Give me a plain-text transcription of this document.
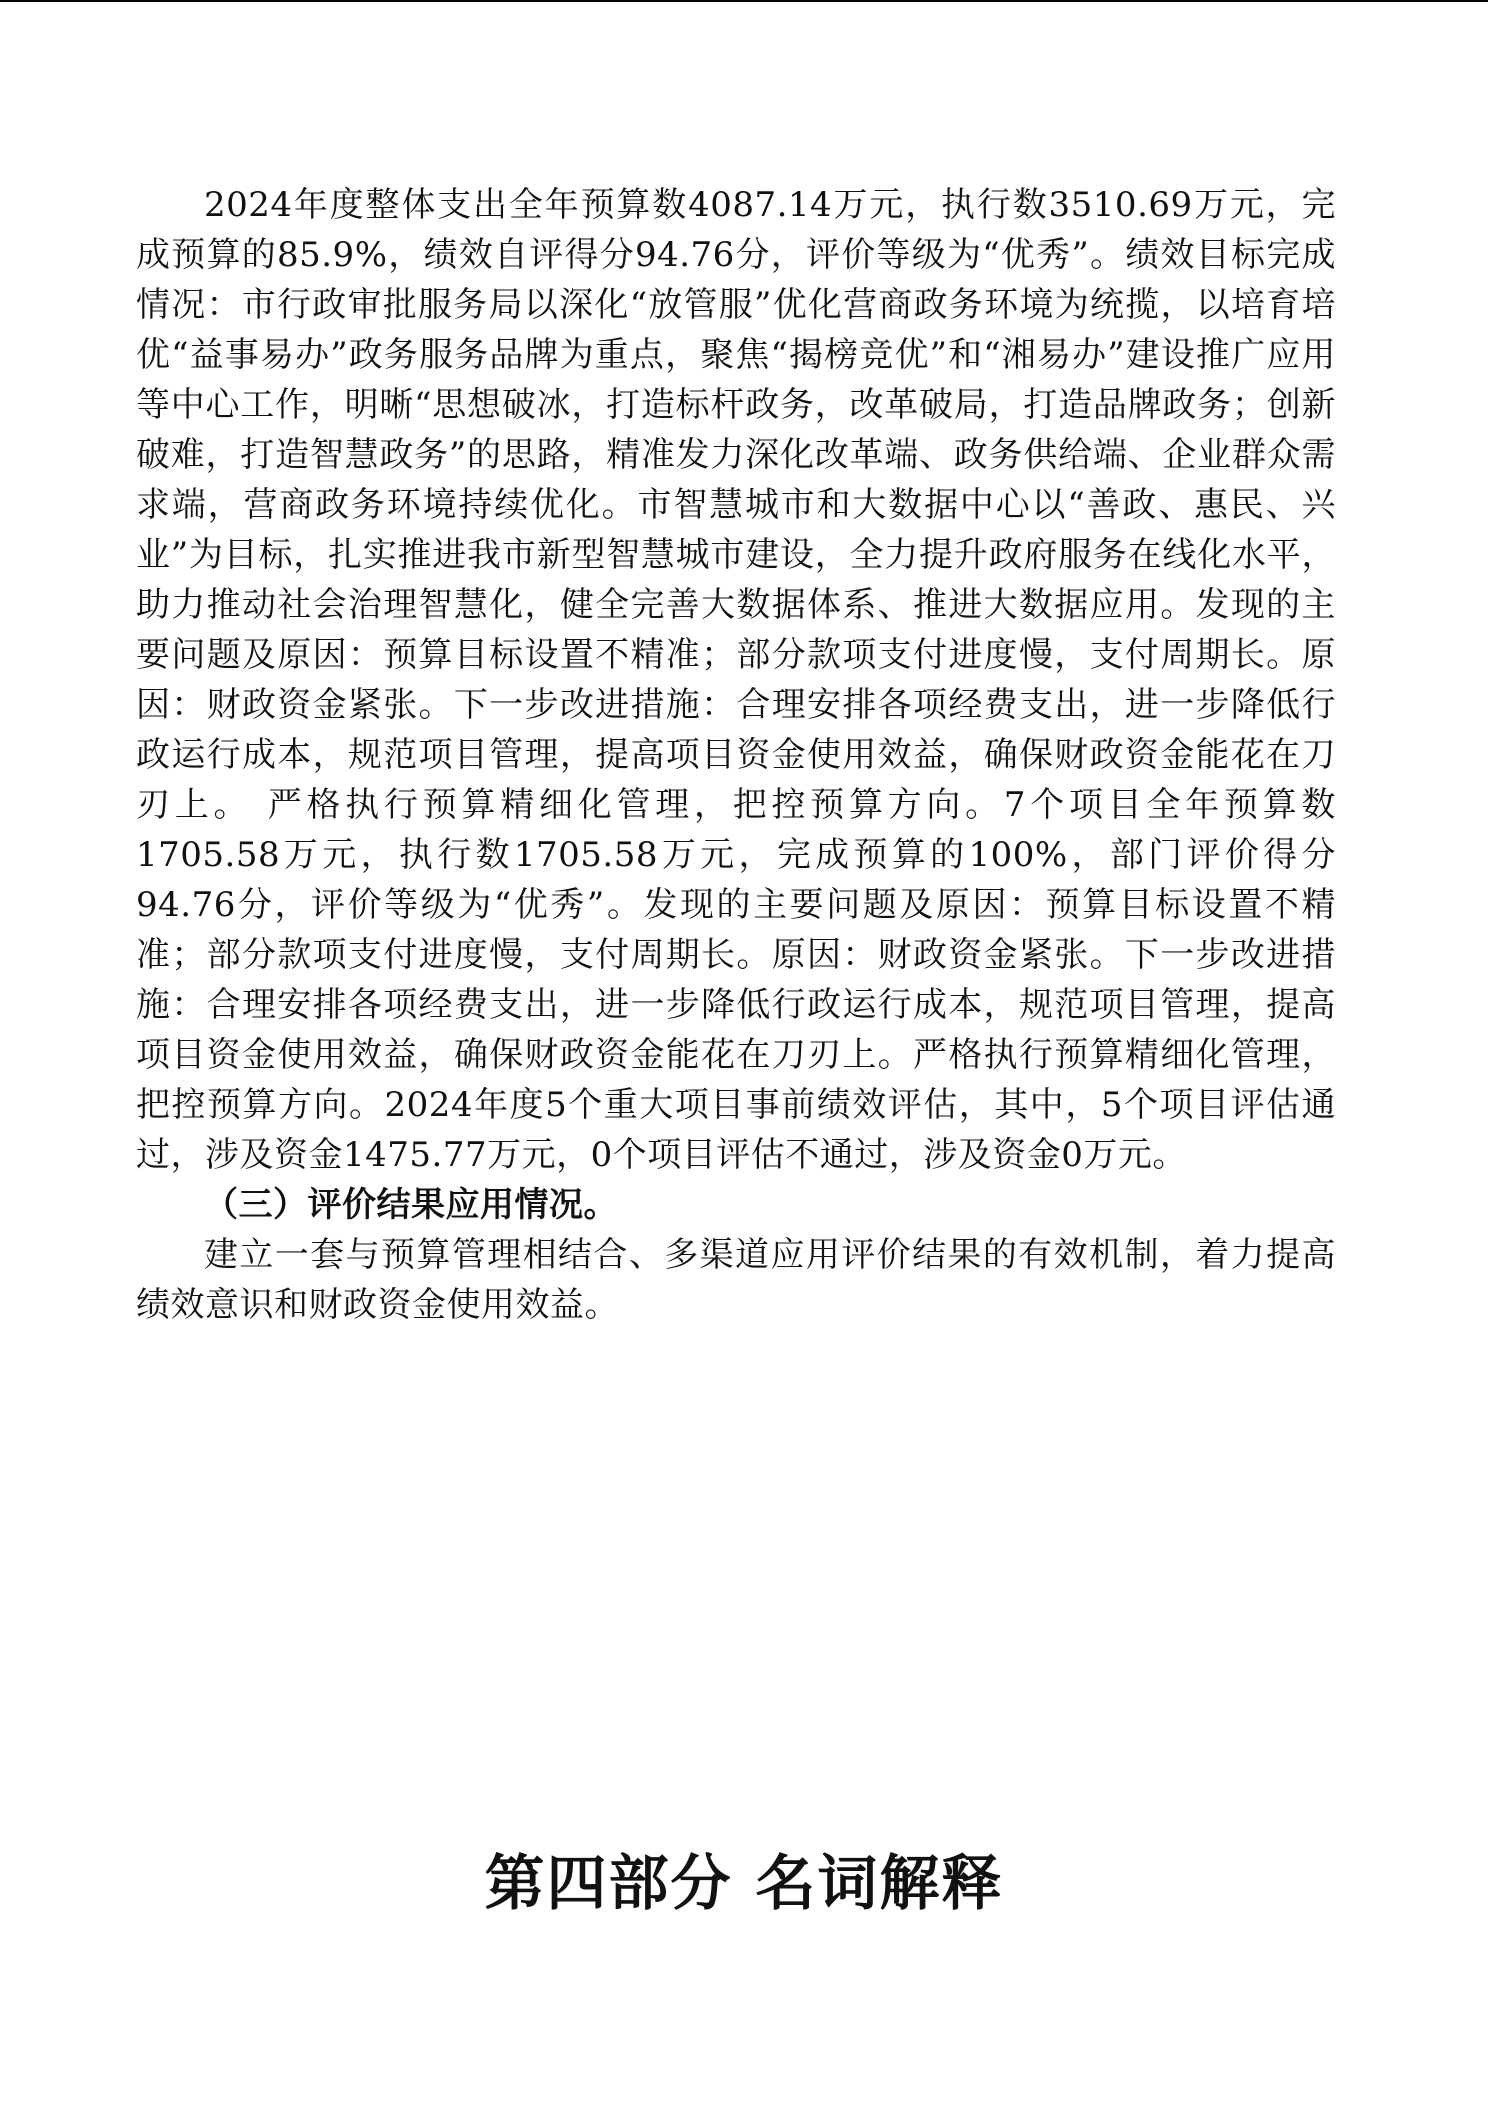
2024年度整体支出全年预算数4087.14万元，执行数3510.69万元，完成预算的85.9%，绩效自评得分94.76分，评价等级为“优秀”。绩效目标完成情况：市行政审批服务局以深化“放管服”优化营商政务环境为统揽，以培育培优“益事易办”政务服务品牌为重点，聚焦“揭榜竞优”和“湘易办”建设推广应用等中心工作，明晰“思想破冰，打造标杆政务，改革破局，打造品牌政务；创新破难，打造智慧政务”的思路，精准发力深化改革端、政务供给端、企业群众需求端，营商政务环境持续优化。市智慧城市和大数据中心以“善政、惠民、兴业”为目标，扎实推进我市新型智慧城市建设，全力提升政府服务在线化水平，助力推动社会治理智慧化，健全完善大数据体系、推进大数据应用。发现的主要问题及原因：预算目标设置不精准；部分款项支付进度慢，支付周期长。原因：财政资金紧张。下一步改进措施：合理安排各项经费支出，进一步降低行政运行成本，规范项目管理，提高项目资金使用效益，确保财政资金能花在刀刃上。 严格执行预算精细化管理，把控预算方向。7个项目全年预算数1705.58万元，执行数1705.58万元，完成预算的100%，部门评价得分94.76分，评价等级为“优秀”。发现的主要问题及原因：预算目标设置不精准；部分款项支付进度慢，支付周期长。原因：财政资金紧张。下一步改进措施：合理安排各项经费支出，进一步降低行政运行成本，规范项目管理，提高项目资金使用效益，确保财政资金能花在刀刃上。严格执行预算精细化管理，把控预算方向。2024年度5个重大项目事前绩效评估，其中，5个项目评估通过，涉及资金1475.77万元，0个项目评估不通过，涉及资金0万元。

（三）评价结果应用情况。

建立一套与预算管理相结合、多渠道应用评价结果的有效机制，着力提高绩效意识和财政资金使用效益。

第四部分 名词解释
